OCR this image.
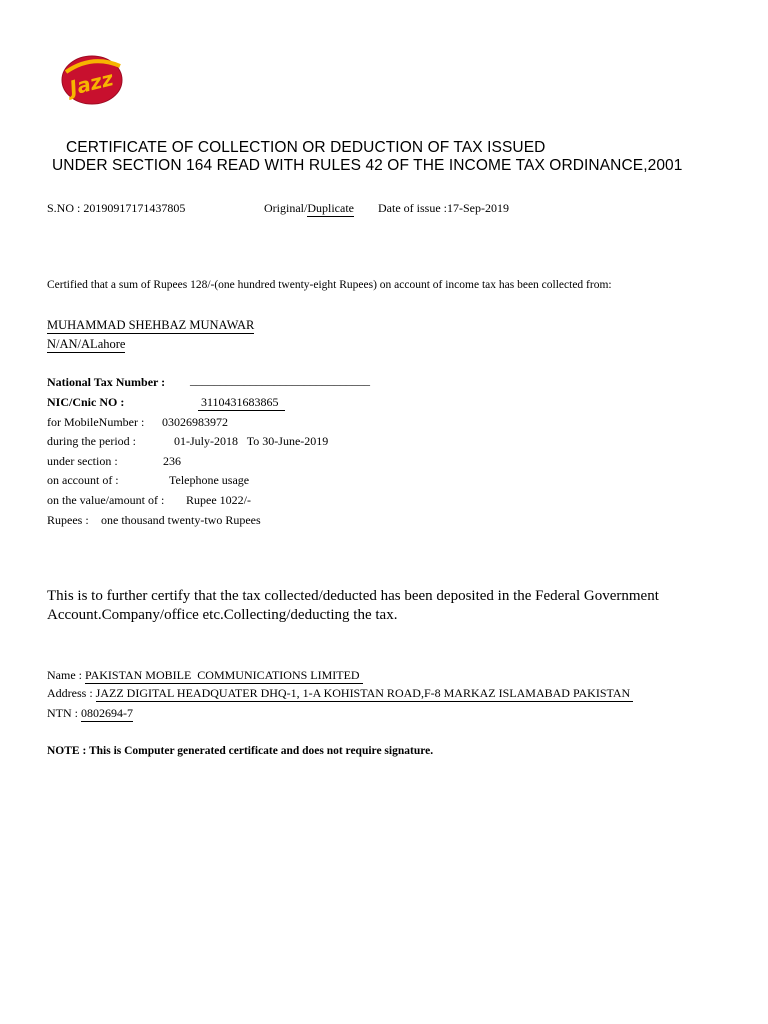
Jazz
CERTIFICATE OF COLLECTION OR DEDUCTION OF TAX ISSUED
UNDER SECTION 164 READ WITH RULES 42 OF THE INCOME TAX ORDINANCE,2001
S.NO : 20190917171437805	Original/Duplicate Date of issue :17-Sep-2019
Certified that a sum of Rupees 128/-(one hundred twenty-eight Rupees) on account of income tax has been collected from:
MUHAMMAD SHEHBAZ MUNAWAR
N/AN/ALahore
National Tax Number : ______________________________
NIC/Cnic NO :	3110431683865
for MobileNumber : 03026983972
during the period :	01-July-2018   To 30-June-2019
under section :	236
on account of :	Telephone usage
on the value/amount of : Rupee 1022/-
Rupees : one thousand twenty-two Rupees
This is to further certify that the tax collected/deducted has been deposited in the Federal Government
Account.Company/office etc.Collecting/deducting the tax.
Name : PAKISTAN MOBILE  COMMUNICATIONS LIMITED
Address : JAZZ DIGITAL HEADQUATER DHQ-1, 1-A KOHISTAN ROAD,F-8 MARKAZ ISLAMABAD PAKISTAN
NTN : 0802694-7
NOTE : This is Computer generated certificate and does not require signature.
